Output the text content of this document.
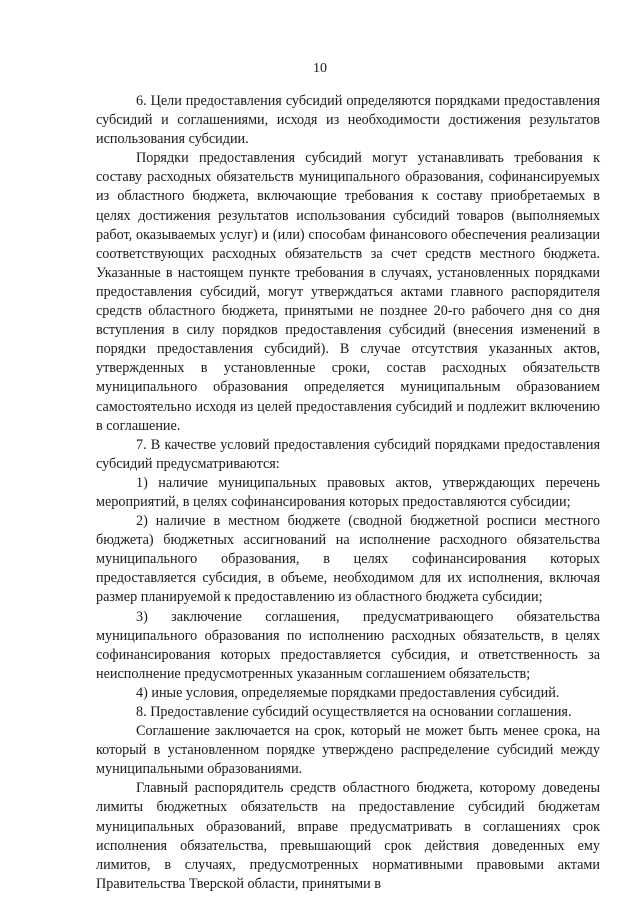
10

6. Цели предоставления субсидий определяются порядками предоставления субсидий и соглашениями, исходя из необходимости достижения результатов использования субсидии.

Порядки предоставления субсидий могут устанавливать требования к составу расходных обязательств муниципального образования, софинансируемых из областного бюджета, включающие требования к составу приобретаемых в целях достижения результатов использования субсидий товаров (выполняемых работ, оказываемых услуг) и (или) способам финансового обеспечения реализации соответствующих расходных обязательств за счет средств местного бюджета. Указанные в настоящем пункте требования в случаях, установленных порядками предоставления субсидий, могут утверждаться актами главного распорядителя средств областного бюджета, принятыми не позднее 20-го рабочего дня со дня вступления в силу порядков предоставления субсидий (внесения изменений в порядки предоставления субсидий). В случае отсутствия указанных актов, утвержденных в установленные сроки, состав расходных обязательств муниципального образования определяется муниципальным образованием самостоятельно исходя из целей предоставления субсидий и подлежит включению в соглашение.

7. В качестве условий предоставления субсидий порядками предоставления субсидий предусматриваются:

1) наличие муниципальных правовых актов, утверждающих перечень мероприятий, в целях софинансирования которых предоставляются субсидии;

2) наличие в местном бюджете (сводной бюджетной росписи местного бюджета) бюджетных ассигнований на исполнение расходного обязательства муниципального образования, в целях софинансирования которых предоставляется субсидия, в объеме, необходимом для их исполнения, включая размер планируемой к предоставлению из областного бюджета субсидии;

3) заключение соглашения, предусматривающего обязательства муниципального образования по исполнению расходных обязательств, в целях софинансирования которых предоставляется субсидия, и ответственность за неисполнение предусмотренных указанным соглашением обязательств;

4) иные условия, определяемые порядками предоставления субсидий.

8. Предоставление субсидий осуществляется на основании соглашения.

Соглашение заключается на срок, который не может быть менее срока, на который в установленном порядке утверждено распределение субсидий между муниципальными образованиями.

Главный распорядитель средств областного бюджета, которому доведены лимиты бюджетных обязательств на предоставление субсидий бюджетам муниципальных образований, вправе предусматривать в соглашениях срок исполнения обязательства, превышающий срок действия доведенных ему лимитов, в случаях, предусмотренных нормативными правовыми актами Правительства Тверской области, принятыми в
